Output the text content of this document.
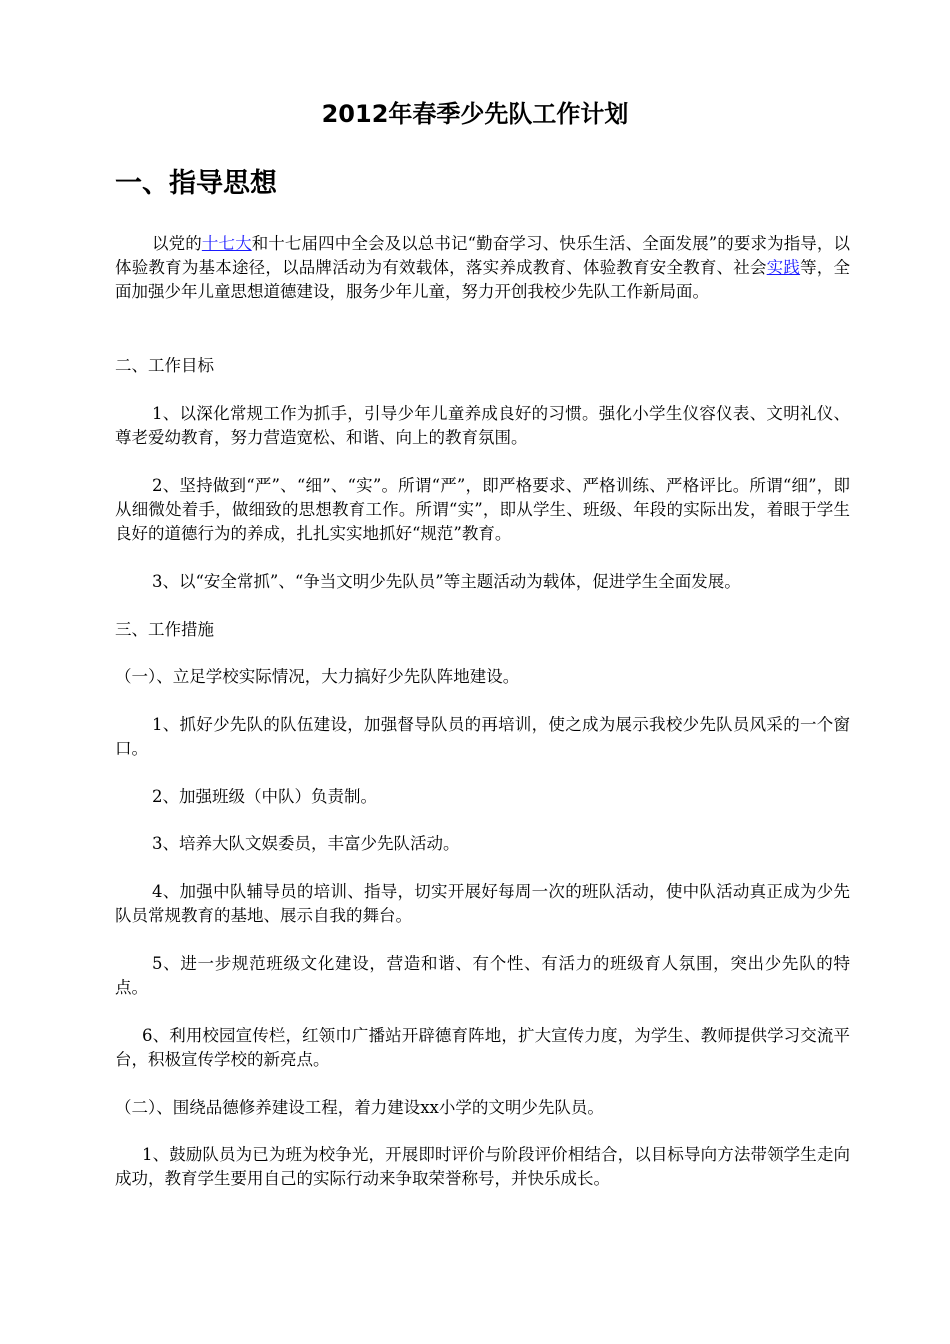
2012年春季少先队工作计划
一、指导思想

以党的十七大和十七届四中全会及以总书记“勤奋学习、快乐生活、全面发展”的要求为指导，以体验教育为基本途径，以品牌活动为有效载体，落实养成教育、体验教育安全教育、社会实践等，全面加强少年儿童思想道德建设，服务少年儿童，努力开创我校少先队工作新局面。

二、工作目标

1、以深化常规工作为抓手，引导少年儿童养成良好的习惯。强化小学生仪容仪表、文明礼仪、尊老爱幼教育，努力营造宽松、和谐、向上的教育氛围。

2、坚持做到“严”、“细”、“实”。所谓“严”，即严格要求、严格训练、严格评比。所谓“细”，即从细微处着手，做细致的思想教育工作。所谓“实”，即从学生、班级、年段的实际出发，着眼于学生良好的道德行为的养成，扎扎实实地抓好“规范”教育。

3、以“安全常抓”、“争当文明少先队员”等主题活动为载体，促进学生全面发展。

三、工作措施

（一）、立足学校实际情况，大力搞好少先队阵地建设。

1、抓好少先队的队伍建设，加强督导队员的再培训，使之成为展示我校少先队员风采的一个窗口。

2、加强班级（中队）负责制。

3、培养大队文娱委员，丰富少先队活动。

4、加强中队辅导员的培训、指导，切实开展好每周一次的班队活动，使中队活动真正成为少先队员常规教育的基地、展示自我的舞台。

5、进一步规范班级文化建设，营造和谐、有个性、有活力的班级育人氛围，突出少先队的特点。

6、利用校园宣传栏，红领巾广播站开辟德育阵地，扩大宣传力度，为学生、教师提供学习交流平台，积极宣传学校的新亮点。

（二）、围绕品德修养建设工程，着力建设xx小学的文明少先队员。

1、鼓励队员为已为班为校争光，开展即时评价与阶段评价相结合，以目标导向方法带领学生走向成功，教育学生要用自己的实际行动来争取荣誉称号，并快乐成长。
